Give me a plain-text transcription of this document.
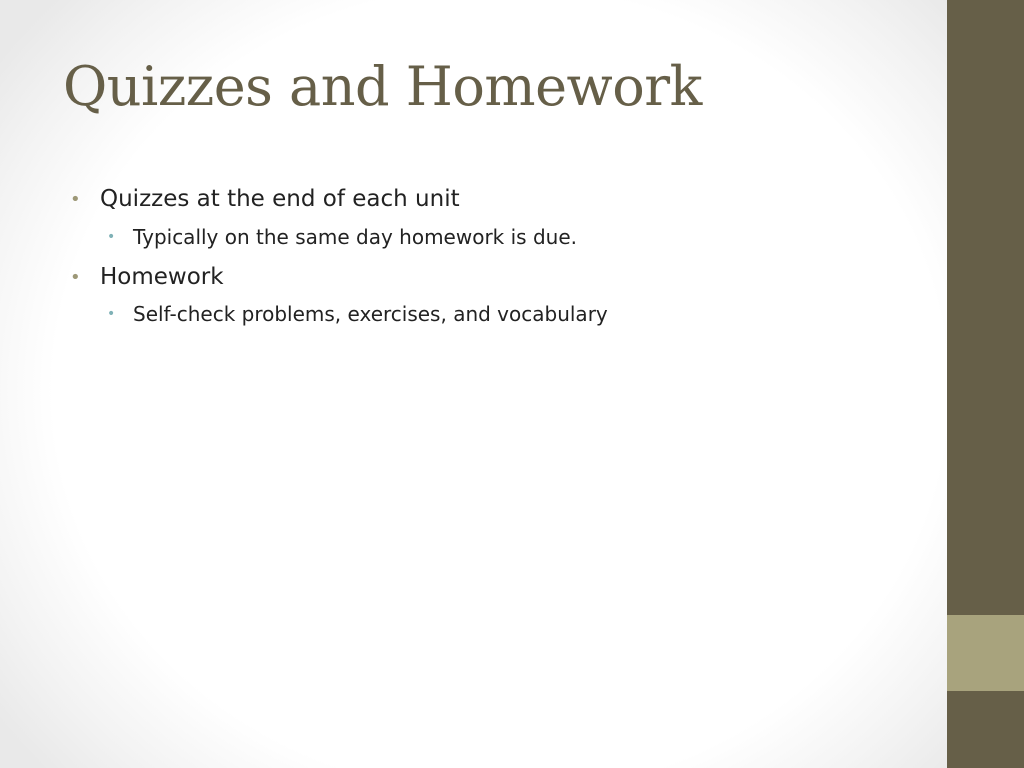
Quizzes and Homework
• Quizzes at the end of each unit
• Typically on the same day homework is due.
• Homework
• Self-check problems, exercises, and vocabulary
